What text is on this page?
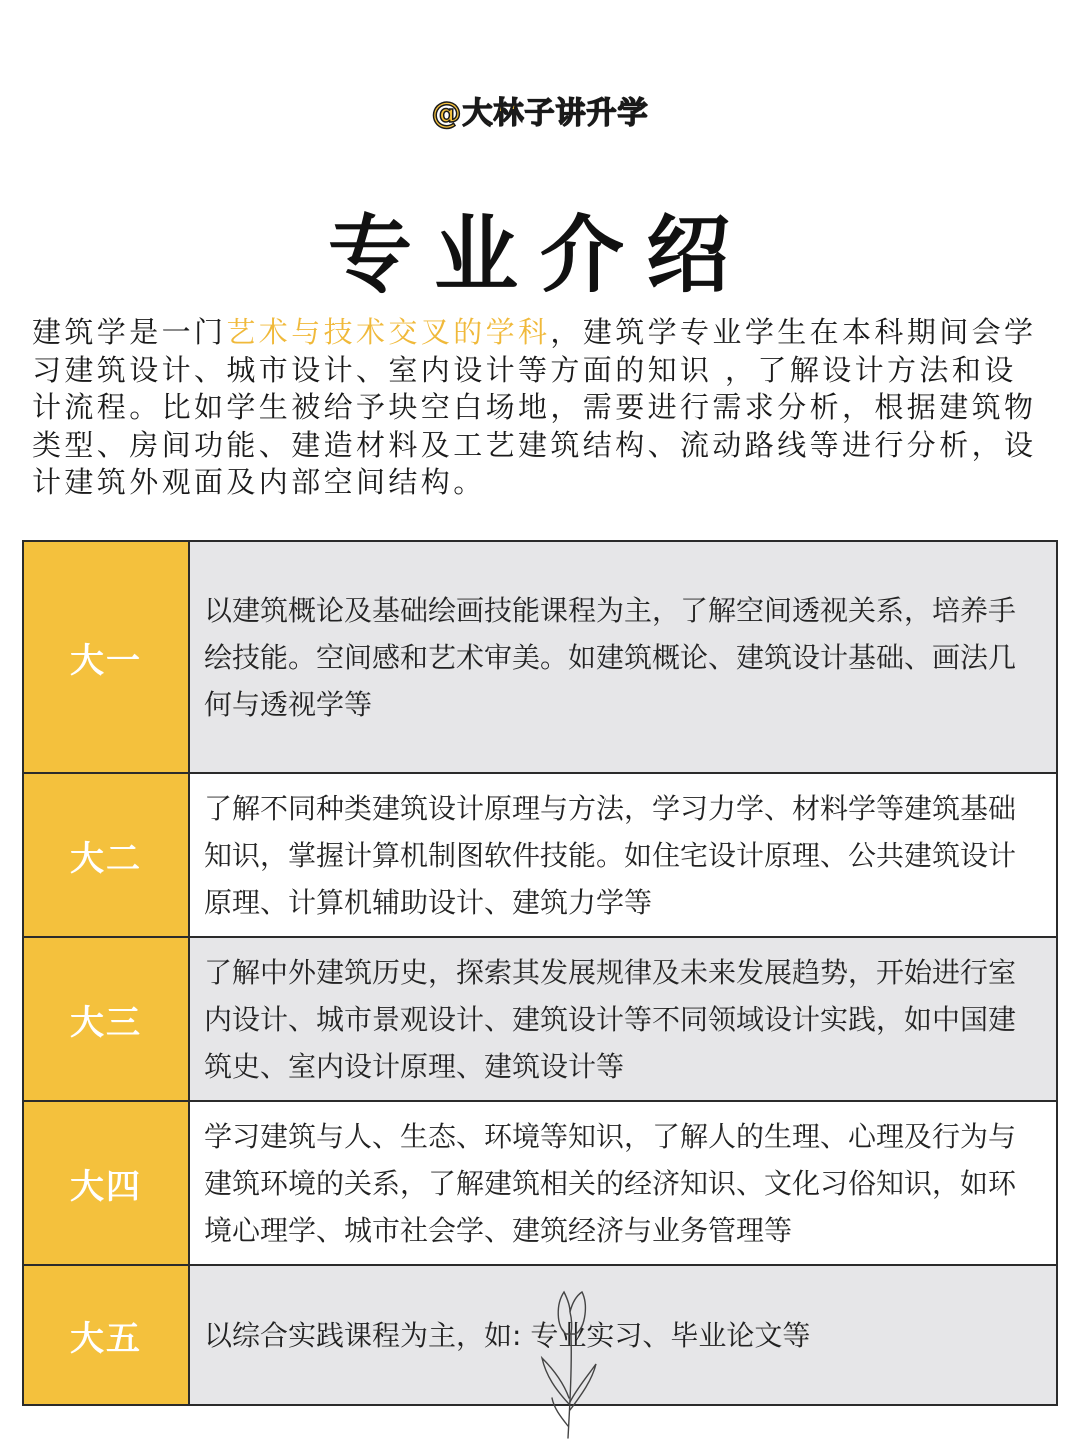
@大林子讲升学
专业介绍

建筑学是一门艺术与技术交叉的学科，建筑学专业学生在本科期间会学习建筑设计、城市设计、室内设计等方面的知识 ，了解设计方法和设计流程。比如学生被给予块空白场地，需要进行需求分析，根据建筑物类型、房间功能、建造材料及工艺建筑结构、流动路线等进行分析，设计建筑外观面及内部空间结构。

大一
以建筑概论及基础绘画技能课程为主，了解空间透视关系，培养手绘技能。空间感和艺术审美。如建筑概论、建筑设计基础、画法几何与透视学等
大二
了解不同种类建筑设计原理与方法，学习力学、材料学等建筑基础知识，掌握计算机制图软件技能。如住宅设计原理、公共建筑设计原理、计算机辅助设计、建筑力学等
大三
了解中外建筑历史，探索其发展规律及未来发展趋势，开始进行室内设计、城市景观设计、建筑设计等不同领域设计实践，如中国建筑史、室内设计原理、建筑设计等
大四
学习建筑与人、生态、环境等知识，了解人的生理、心理及行为与建筑环境的关系，了解建筑相关的经济知识、文化习俗知识，如环境心理学、城市社会学、建筑经济与业务管理等
大五	以综合实践课程为主，如: 专业实习、毕业论文等
